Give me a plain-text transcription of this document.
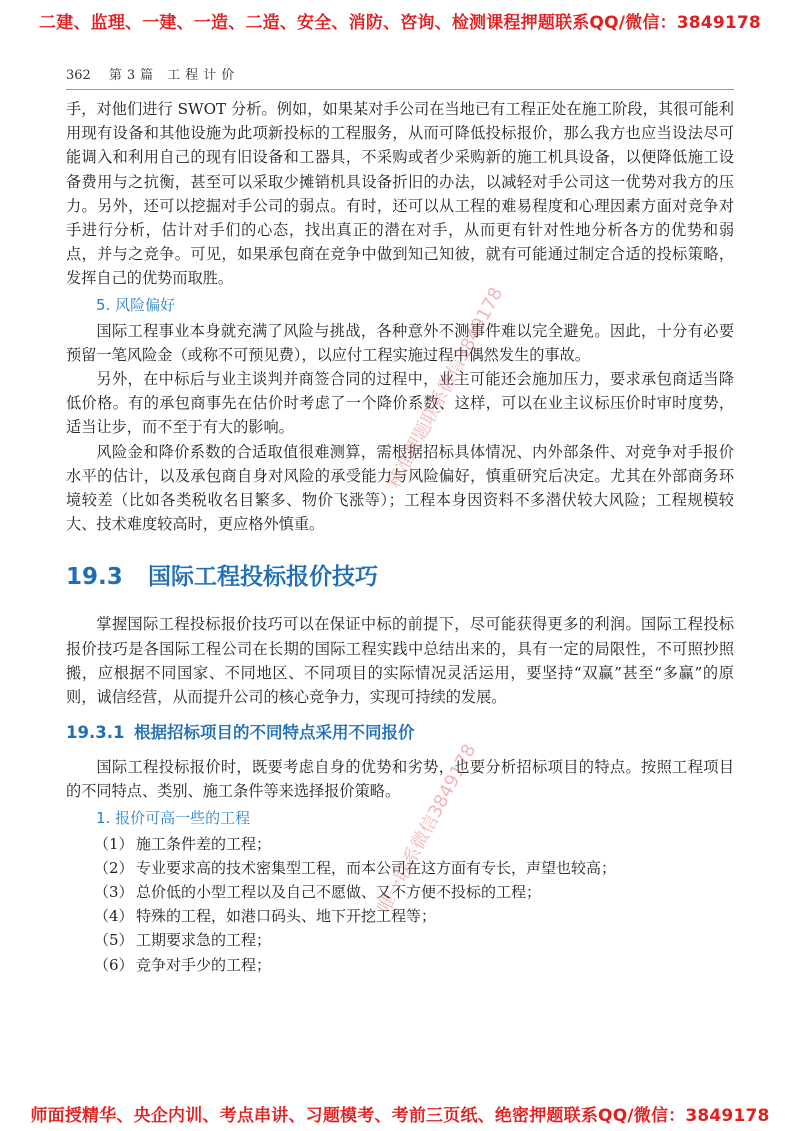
二建、监理、一建、一造、二造、安全、消防、咨询、检测课程押题联系QQ/微信：3849178
362 第3篇 工程计价

手，对他们进行 SWOT 分析。例如，如果某对手公司在当地已有工程正处在施工阶段，其很可能利用现有设备和其他设施为此项新投标的工程服务，从而可降低投标报价，那么我方也应当设法尽可能调入和利用自己的现有旧设备和工器具，不采购或者少采购新的施工机具设备，以便降低施工设备费用与之抗衡，甚至可以采取少摊销机具设备折旧的办法，以减轻对手公司这一优势对我方的压力。另外，还可以挖掘对手公司的弱点。有时，还可以从工程的难易程度和心理因素方面对竞争对手进行分析，估计对手们的心态，找出真正的潜在对手，从而更有针对性地分析各方的优势和弱点，并与之竞争。可见，如果承包商在竞争中做到知己知彼，就有可能通过制定合适的投标策略，发挥自己的优势而取胜。

5. 风险偏好

国际工程事业本身就充满了风险与挑战，各种意外不测事件难以完全避免。因此，十分有必要预留一笔风险金（或称不可预见费），以应付工程实施过程中偶然发生的事故。

另外，在中标后与业主谈判并商签合同的过程中，业主可能还会施加压力，要求承包商适当降低价格。有的承包商事先在估价时考虑了一个降价系数、这样，可以在业主议标压价时审时度势，适当让步，而不至于有大的影响。

风险金和降价系数的合适取值很难测算，需根据招标具体情况、内外部条件、对竞争对手报价水平的估计，以及承包商自身对风险的承受能力与风险偏好，慎重研究后决定。尤其在外部商务环境较差（比如各类税收名目繁多、物价飞涨等）；工程本身因资料不多潜伏较大风险；工程规模较大、技术难度较高时，更应格外慎重。

19.3 国际工程投标报价技巧

掌握国际工程投标报价技巧可以在保证中标的前提下，尽可能获得更多的利润。国际工程投标报价技巧是各国际工程公司在长期的国际工程实践中总结出来的，具有一定的局限性，不可照抄照搬，应根据不同国家、不同地区、不同项目的实际情况灵活运用，要坚持“双赢”甚至“多赢”的原则，诚信经营，从而提升公司的核心竞争力，实现可持续的发展。

19.3.1 根据招标项目的不同特点采用不同报价

国际工程投标报价时，既要考虑自身的优势和劣势，也要分析招标项目的特点。按照工程项目的不同特点、类别、施工条件等来选择报价策略。

1. 报价可高一些的工程
（1） 施工条件差的工程；
（2） 专业要求高的技术密集型工程，而本公司在这方面有专长，声望也较高；
（3） 总价低的小型工程以及自己不愿做、又不方便不投标的工程；
（4） 特殊的工程，如港口码头、地下开挖工程等；
（5） 工期要求急的工程；
（6） 竞争对手少的工程；
精准押题联系微信3849178
唯一联系微信3849178
师面授精华、央企内训、考点串讲、习题模考、考前三页纸、绝密押题联系QQ/微信：3849178
